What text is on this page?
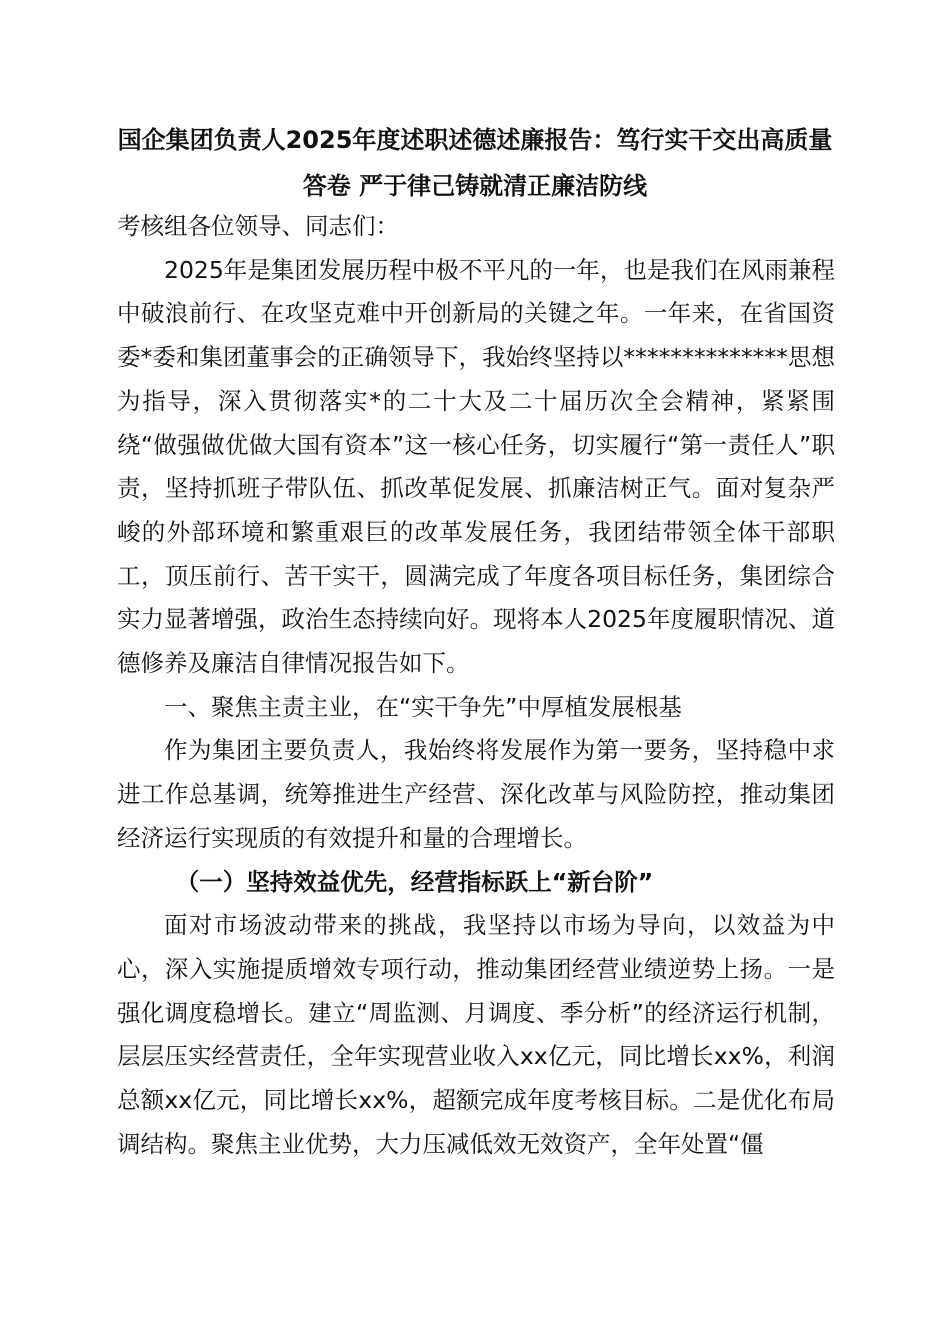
国企集团负责人2025年度述职述德述廉报告：笃行实干交出高质量
答卷 严于律己铸就清正廉洁防线

考核组各位领导、同志们：

2025年是集团发展历程中极不平凡的一年，也是我们在风雨兼程中破浪前行、在攻坚克难中开创新局的关键之年。一年来，在省国资委*委和集团董事会的正确领导下，我始终坚持以**************思想为指导，深入贯彻落实*的二十大及二十届历次全会精神，紧紧围绕“做强做优做大国有资本”这一核心任务，切实履行“第一责任人”职责，坚持抓班子带队伍、抓改革促发展、抓廉洁树正气。面对复杂严峻的外部环境和繁重艰巨的改革发展任务，我团结带领全体干部职工，顶压前行、苦干实干，圆满完成了年度各项目标任务，集团综合实力显著增强，政治生态持续向好。现将本人2025年度履职情况、道德修养及廉洁自律情况报告如下。

一、聚焦主责主业，在“实干争先”中厚植发展根基

作为集团主要负责人，我始终将发展作为第一要务，坚持稳中求进工作总基调，统筹推进生产经营、深化改革与风险防控，推动集团经济运行实现质的有效提升和量的合理增长。

（一）坚持效益优先，经营指标跃上“新台阶”

面对市场波动带来的挑战，我坚持以市场为导向，以效益为中心，深入实施提质增效专项行动，推动集团经营业绩逆势上扬。一是强化调度稳增长。建立“周监测、月调度、季分析”的经济运行机制，层层压实经营责任，全年实现营业收入xx亿元，同比增长xx%，利润总额xx亿元，同比增长xx%，超额完成年度考核目标。二是优化布局调结构。聚焦主业优势，大力压减低效无效资产，全年处置“僵
